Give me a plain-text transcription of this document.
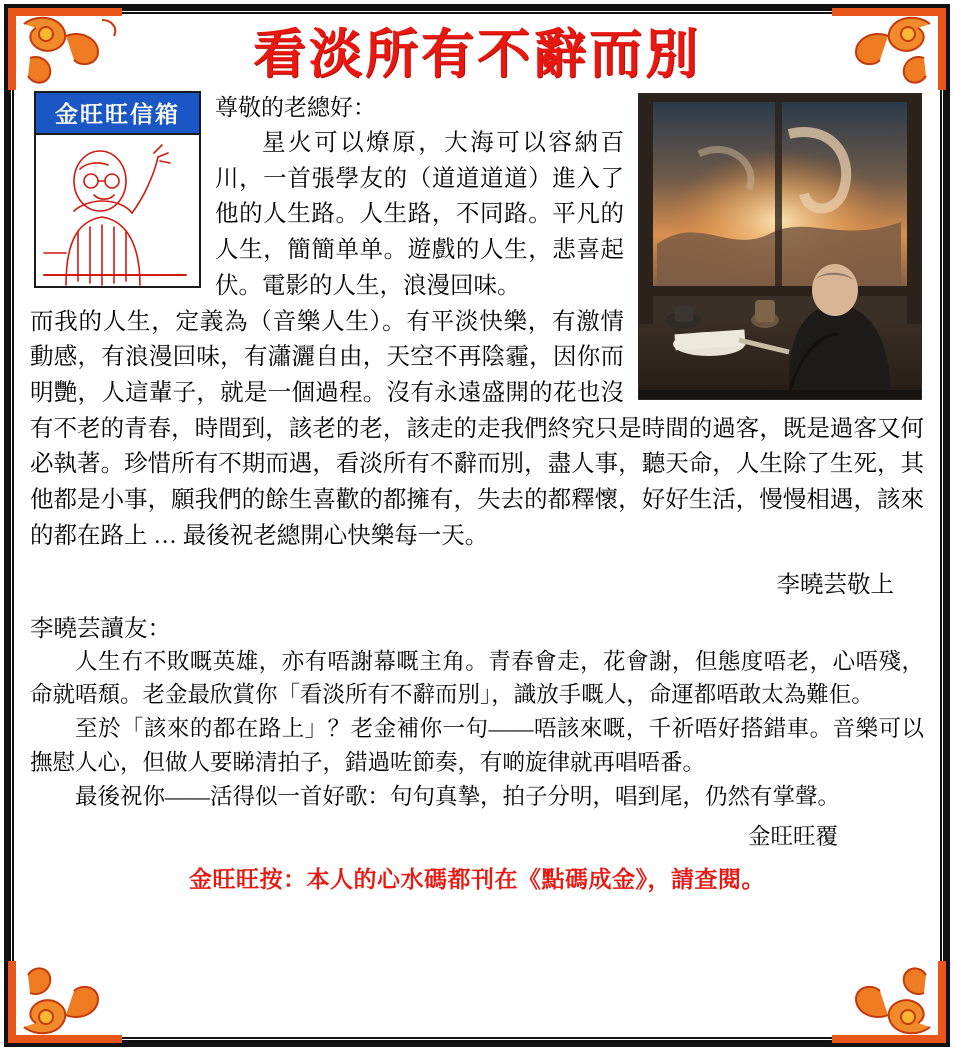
看淡所有不辭而別
金旺旺信箱	尊敬的老總好：

星火可以燎原，大海可以容納百川，一首張學友的（道道道道）進入了他的人生路。人生路，不同路。平凡的人生，簡簡单单。遊戲的人生，悲喜起伏。電影的人生，浪漫回味。

而我的人生，定義為（音樂人生）。有平淡快樂，有激情動感，有浪漫回味，有瀟灑自由，天空不再陰霾，因你而明艷，人這輩子，就是一個過程。沒有永遠盛開的花也沒有不老的青春，時間到，該老的老，該走的走我們終究只是時間的過客，既是過客又何必執著。珍惜所有不期而遇，看淡所有不辭而別，盡人事，聽天命，人生除了生死，其他都是小事，願我們的餘生喜歡的都擁有，失去的都釋懷，好好生活，慢慢相遇，該來的都在路上 … 最後祝老總開心快樂每一天。

李曉芸敬上
李曉芸讀友：

人生冇不敗嘅英雄，亦有唔謝幕嘅主角。青春會走，花會謝，但態度唔老，心唔殘，命就唔頹。老金最欣賞你「看淡所有不辭而別」，識放手嘅人，命運都唔敢太為難佢。

至於「該來的都在路上」？老金補你一句——唔該來嘅，千祈唔好搭錯車。音樂可以撫慰人心，但做人要睇清拍子，錯過咗節奏，有啲旋律就再唱唔番。

最後祝你——活得似一首好歌：句句真摯，拍子分明，唱到尾，仍然有掌聲。

金旺旺覆
金旺旺按：本人的心水碼都刊在《點碼成金》，請查閱。
